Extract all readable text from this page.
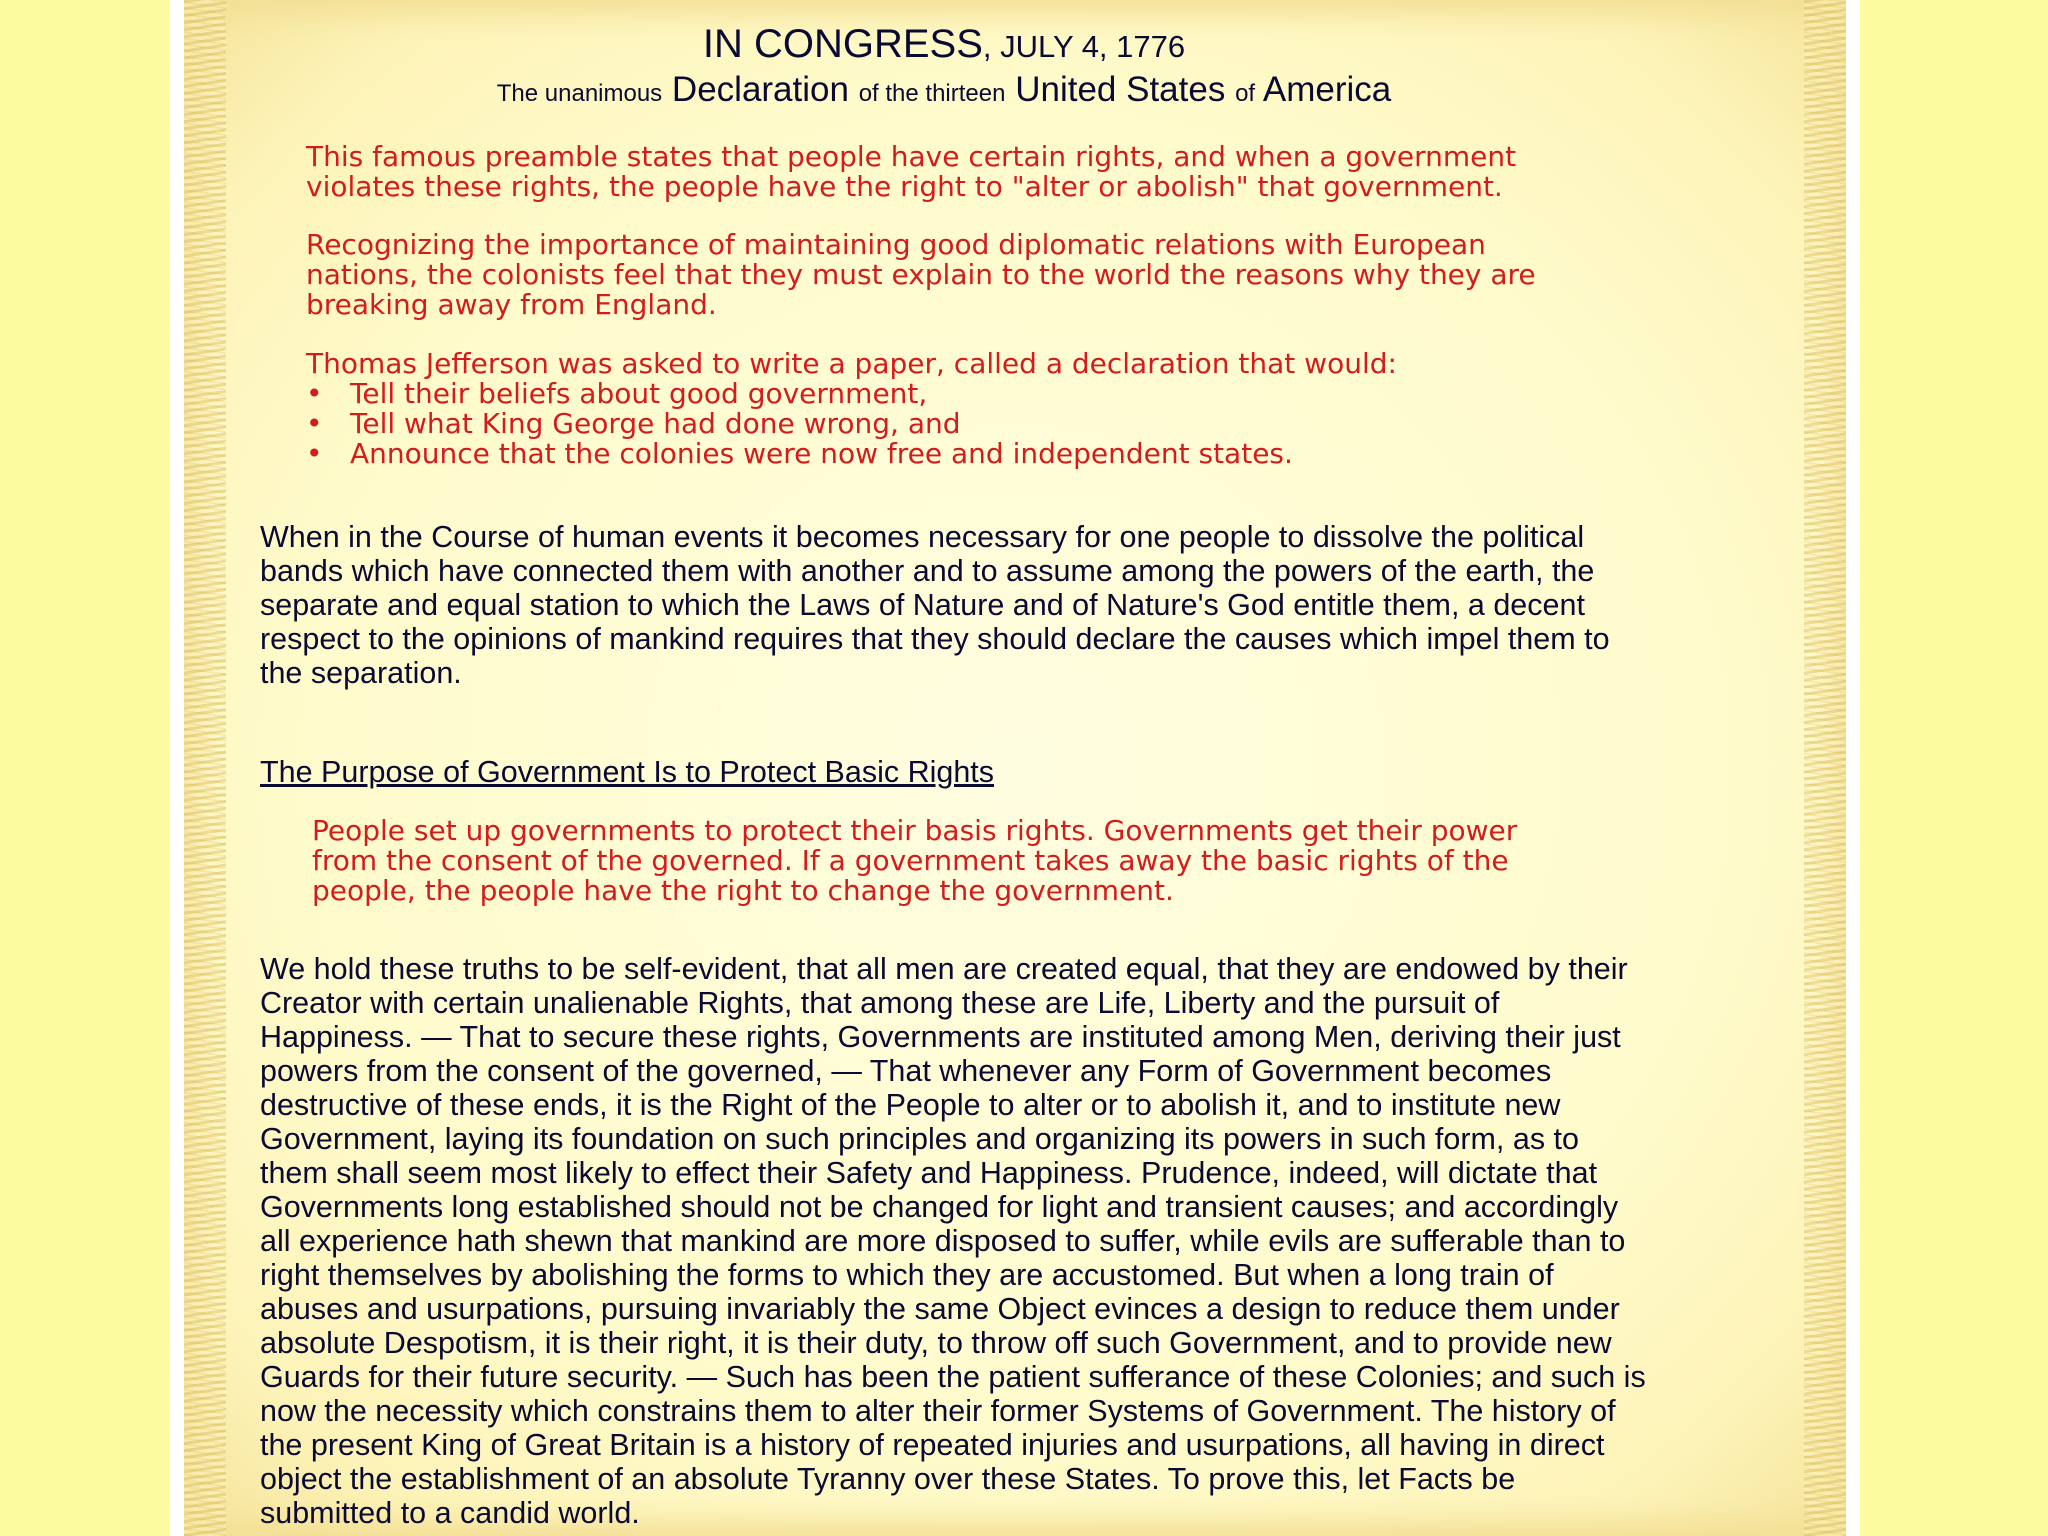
IN CONGRESS, JULY 4, 1776
The unanimous Declaration of the thirteen United States of America
This famous preamble states that people have certain rights, and when a government
violates these rights, the people have the right to "alter or abolish" that government.
Recognizing the importance of maintaining good diplomatic relations with European
nations, the colonists feel that they must explain to the world the reasons why they are
breaking away from England.
Thomas Jefferson was asked to write a paper, called a declaration that would:
• Tell their beliefs about good government,
• Tell what King George had done wrong, and
• Announce that the colonies were now free and independent states.
When in the Course of human events it becomes necessary for one people to dissolve the political
bands which have connected them with another and to assume among the powers of the earth, the
separate and equal station to which the Laws of Nature and of Nature's God entitle them, a decent
respect to the opinions of mankind requires that they should declare the causes which impel them to
the separation.
The Purpose of Government Is to Protect Basic Rights
People set up governments to protect their basis rights. Governments get their power
from the consent of the governed. If a government takes away the basic rights of the
people, the people have the right to change the government.
We hold these truths to be self-evident, that all men are created equal, that they are endowed by their
Creator with certain unalienable Rights, that among these are Life, Liberty and the pursuit of
Happiness. — That to secure these rights, Governments are instituted among Men, deriving their just
powers from the consent of the governed, — That whenever any Form of Government becomes
destructive of these ends, it is the Right of the People to alter or to abolish it, and to institute new
Government, laying its foundation on such principles and organizing its powers in such form, as to
them shall seem most likely to effect their Safety and Happiness. Prudence, indeed, will dictate that
Governments long established should not be changed for light and transient causes; and accordingly
all experience hath shewn that mankind are more disposed to suffer, while evils are sufferable than to
right themselves by abolishing the forms to which they are accustomed. But when a long train of
abuses and usurpations, pursuing invariably the same Object evinces a design to reduce them under
absolute Despotism, it is their right, it is their duty, to throw off such Government, and to provide new
Guards for their future security. — Such has been the patient sufferance of these Colonies; and such is
now the necessity which constrains them to alter their former Systems of Government. The history of
the present King of Great Britain is a history of repeated injuries and usurpations, all having in direct
object the establishment of an absolute Tyranny over these States. To prove this, let Facts be
submitted to a candid world.
